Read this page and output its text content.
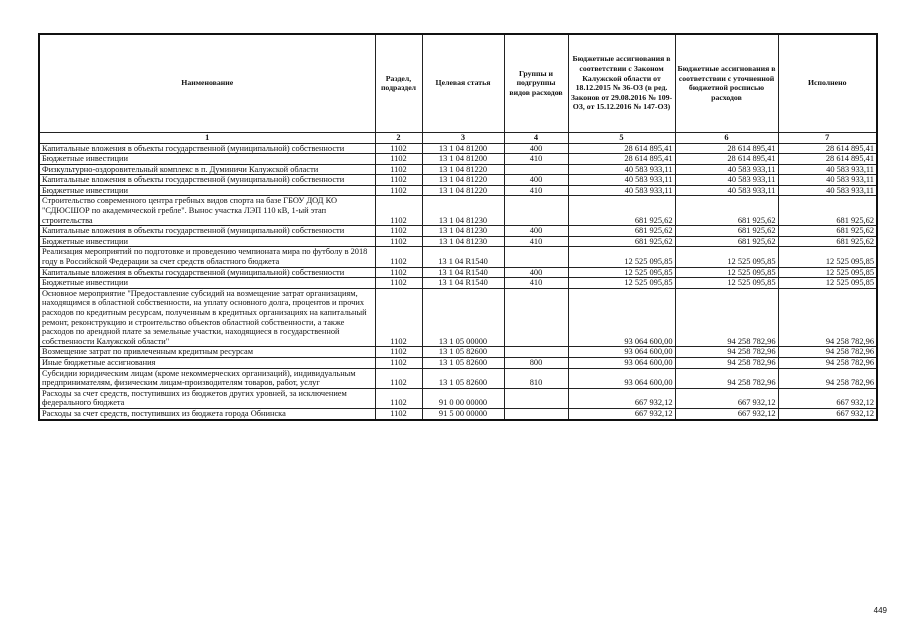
Наименование	Раздел, подраздел	Целевая статья	Группы и подгруппы видов расходов	Бюджетные ассигнования в соответствии с Законом Калужской области от 18.12.2015 № 36-ОЗ (в ред. Законов от 29.08.2016 № 109-ОЗ, от 15.12.2016 № 147-ОЗ)	Бюджетные ассигнования в соответствии с уточненной бюджетной росписью расходов	Исполнено
1	2	3	4	5	6	7
Капитальные вложения в объекты государственной (муниципальной) собственности	1102	13 1 04 81200	400	28 614 895,41	28 614 895,41	28 614 895,41
Бюджетные инвестиции	1102	13 1 04 81200	410	28 614 895,41	28 614 895,41	28 614 895,41
Физкультурно-оздоровительный комплекс в п. Думиничи Калужской области	1102	13 1 04 81220		40 583 933,11	40 583 933,11	40 583 933,11
Капитальные вложения в объекты государственной (муниципальной) собственности	1102	13 1 04 81220	400	40 583 933,11	40 583 933,11	40 583 933,11
Бюджетные инвестиции	1102	13 1 04 81220	410	40 583 933,11	40 583 933,11	40 583 933,11
Строительство современного центра гребных видов спорта на базе ГБОУ ДОД КО "СДЮСШОР по академической гребле". Вынос участка ЛЭП 110 кВ, 1-ый этап строительства	1102	13 1 04 81230		681 925,62	681 925,62	681 925,62
Капитальные вложения в объекты государственной (муниципальной) собственности	1102	13 1 04 81230	400	681 925,62	681 925,62	681 925,62
Бюджетные инвестиции	1102	13 1 04 81230	410	681 925,62	681 925,62	681 925,62
Реализация мероприятий по подготовке и проведению чемпионата мира по футболу в 2018 году в Российской Федерации за счет средств областного бюджета	1102	13 1 04 R1540		12 525 095,85	12 525 095,85	12 525 095,85
Капитальные вложения в объекты государственной (муниципальной) собственности	1102	13 1 04 R1540	400	12 525 095,85	12 525 095,85	12 525 095,85
Бюджетные инвестиции	1102	13 1 04 R1540	410	12 525 095,85	12 525 095,85	12 525 095,85
Основное мероприятие "Предоставление субсидий на возмещение затрат организациям, находящимся в областной собственности, на уплату основного долга, процентов и прочих расходов по кредитным ресурсам, полученным в кредитных организациях на капитальный ремонт, реконструкцию и строительство объектов областной собственности, а также расходов по арендной плате за земельные участки, находящиеся в государственной собственности Калужской области"	1102	13 1 05 00000		93 064 600,00	94 258 782,96	94 258 782,96
Возмещение затрат по привлеченным кредитным ресурсам	1102	13 1 05 82600		93 064 600,00	94 258 782,96	94 258 782,96
Иные бюджетные ассигнования	1102	13 1 05 82600	800	93 064 600,00	94 258 782,96	94 258 782,96
Субсидии юридическим лицам (кроме некоммерческих организаций), индивидуальным предпринимателям, физическим лицам-производителям товаров, работ, услуг	1102	13 1 05 82600	810	93 064 600,00	94 258 782,96	94 258 782,96
Расходы за счет средств, поступивших из бюджетов других уровней, за исключением федерального бюджета	1102	91 0 00 00000		667 932,12	667 932,12	667 932,12
Расходы за счет средств, поступивших из бюджета города Обнинска	1102	91 5 00 00000		667 932,12	667 932,12	667 932,12
449
